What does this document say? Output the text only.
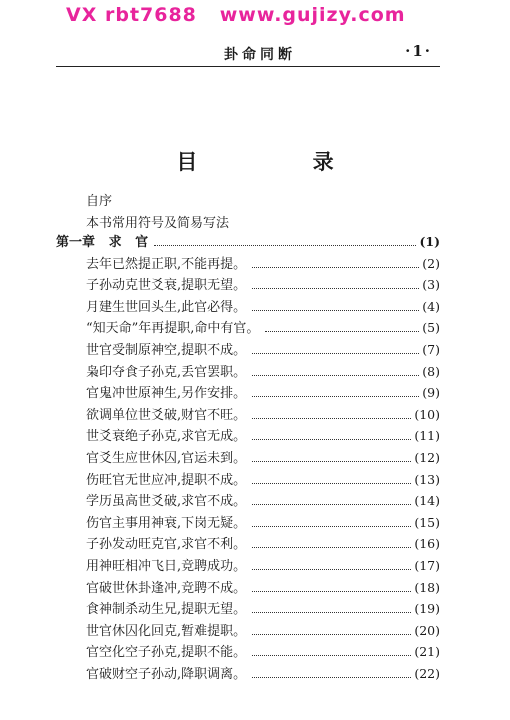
VX rbt7688   www.gujizy.com
卦命同断	·1·
目 录
自序
本书常用符号及简易写法
第一章   求   官	(1)
去年已然提正职,不能再提。	(2)
子孙动克世爻衰,提职无望。	(3)
月建生世回头生,此官必得。	(4)
“知天命”年再提职,命中有官。	(5)
世官受制原神空,提职不成。	(7)
枭印夺食子孙克,丢官罢职。	(8)
官鬼冲世原神生,另作安排。	(9)
欲调单位世爻破,财官不旺。	(10)
世爻衰绝子孙克,求官无成。	(11)
官爻生应世休囚,官运未到。	(12)
伤旺官无世应冲,提职不成。	(13)
学历虽高世爻破,求官不成。	(14)
伤官主事用神衰,下岗无疑。	(15)
子孙发动旺克官,求官不利。	(16)
用神旺相冲飞日,竞聘成功。	(17)
官破世休卦逢冲,竞聘不成。	(18)
食神制杀动生兄,提职无望。	(19)
世官休囚化回克,暂难提职。	(20)
官空化空子孙克,提职不能。	(21)
官破财空子孙动,降职调离。	(22)
